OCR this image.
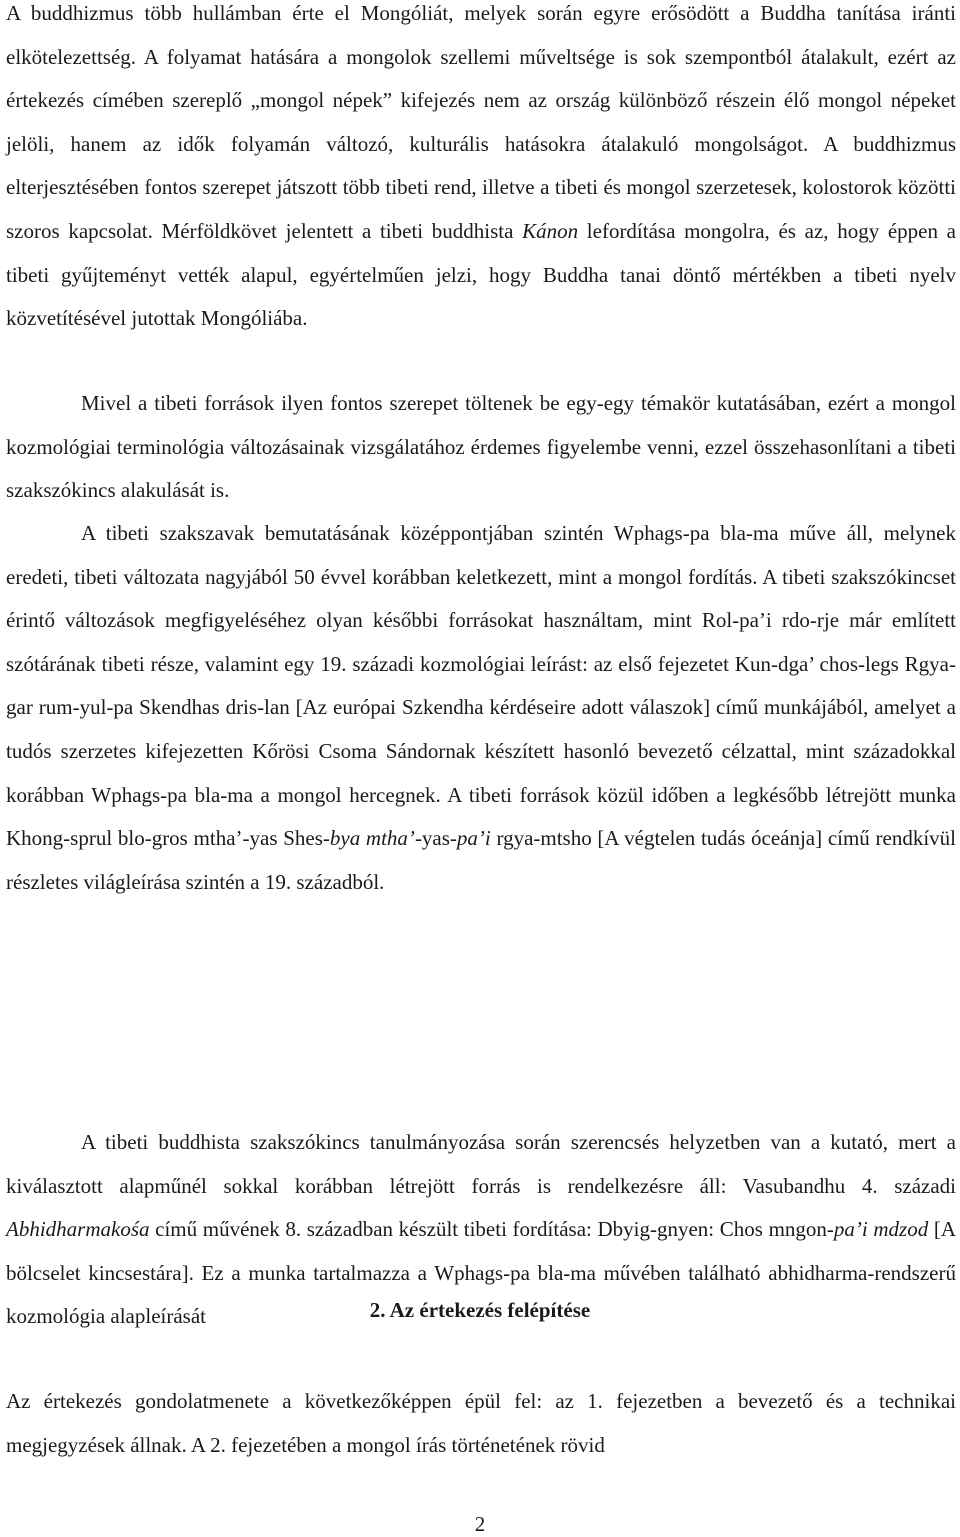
A buddhizmus több hullámban érte el Mongóliát, melyek során egyre erősödött a Buddha tanítása iránti elkötelezettség. A folyamat hatására a mongolok szellemi műveltsége is sok szempontból átalakult, ezért az értekezés címében szereplő „mongol népek” kifejezés nem az ország különböző részein élő mongol népeket jelöli, hanem az idők folyamán változó, kulturális hatásokra átalakuló mongolságot. A buddhizmus elterjesztésében fontos szerepet játszott több tibeti rend, illetve a tibeti és mongol szerzetesek, kolostorok közötti szoros kapcsolat. Mérföldkövet jelentett a tibeti buddhista Kánon lefordítása mongolra, és az, hogy éppen a tibeti gyűjteményt vették alapul, egyértelműen jelzi, hogy Buddha tanai döntő mértékben a tibeti nyelv közvetítésével jutottak Mongóliába.
Mivel a tibeti források ilyen fontos szerepet töltenek be egy-egy témakör kutatásában, ezért a mongol kozmológiai terminológia változásainak vizsgálatához érdemes figyelembe venni, ezzel összehasonlítani a tibeti szakszókincs alakulását is.
A tibeti szakszavak bemutatásának középpontjában szintén Wphags-pa bla-ma műve áll, melynek eredeti, tibeti változata nagyjából 50 évvel korábban keletkezett, mint a mongol fordítás. A tibeti szakszókincset érintő változások megfigyeléséhez olyan későbbi forrásokat használtam, mint Rol-pa’i rdo-rje már említett szótárának tibeti része, valamint egy 19. századi kozmológiai leírást: az első fejezetet Kun-dga’ chos-legs Rgya-gar rum-yul-pa Skendhas dris-lan [Az európai Szkendha kérdéseire adott válaszok] című munkájából, amelyet a tudós szerzetes kifejezetten Kőrösi Csoma Sándornak készített hasonló bevezető célzattal, mint századokkal korábban Wphags-pa bla-ma a mongol hercegnek. A tibeti források közül időben a legkésőbb létrejött munka Khong-sprul blo-gros mtha’-yas Shes-bya mtha’-yas-pa’i rgya-mtsho [A végtelen tudás óceánja] című rendkívül részletes világleírása szintén a 19. századból.
A tibeti buddhista szakszókincs tanulmányozása során szerencsés helyzetben van a kutató, mert a kiválasztott alapműnél sokkal korábban létrejött forrás is rendelkezésre áll: Vasubandhu 4. századi Abhidharmakośa című művének 8. században készült tibeti fordítása: Dbyig-gnyen: Chos mngon-pa’i mdzod [A bölcselet kincsestára]. Ez a munka tartalmazza a Wphags-pa bla-ma művében található abhidharma-rendszerű kozmológia alapleírását	2. Az értekezés felépítése
Az értekezés gondolatmenete a következőképpen épül fel: az 1. fejezetben a bevezető és a technikai megjegyzések állnak. A 2. fejezetében a mongol írás történetének rövid
2
